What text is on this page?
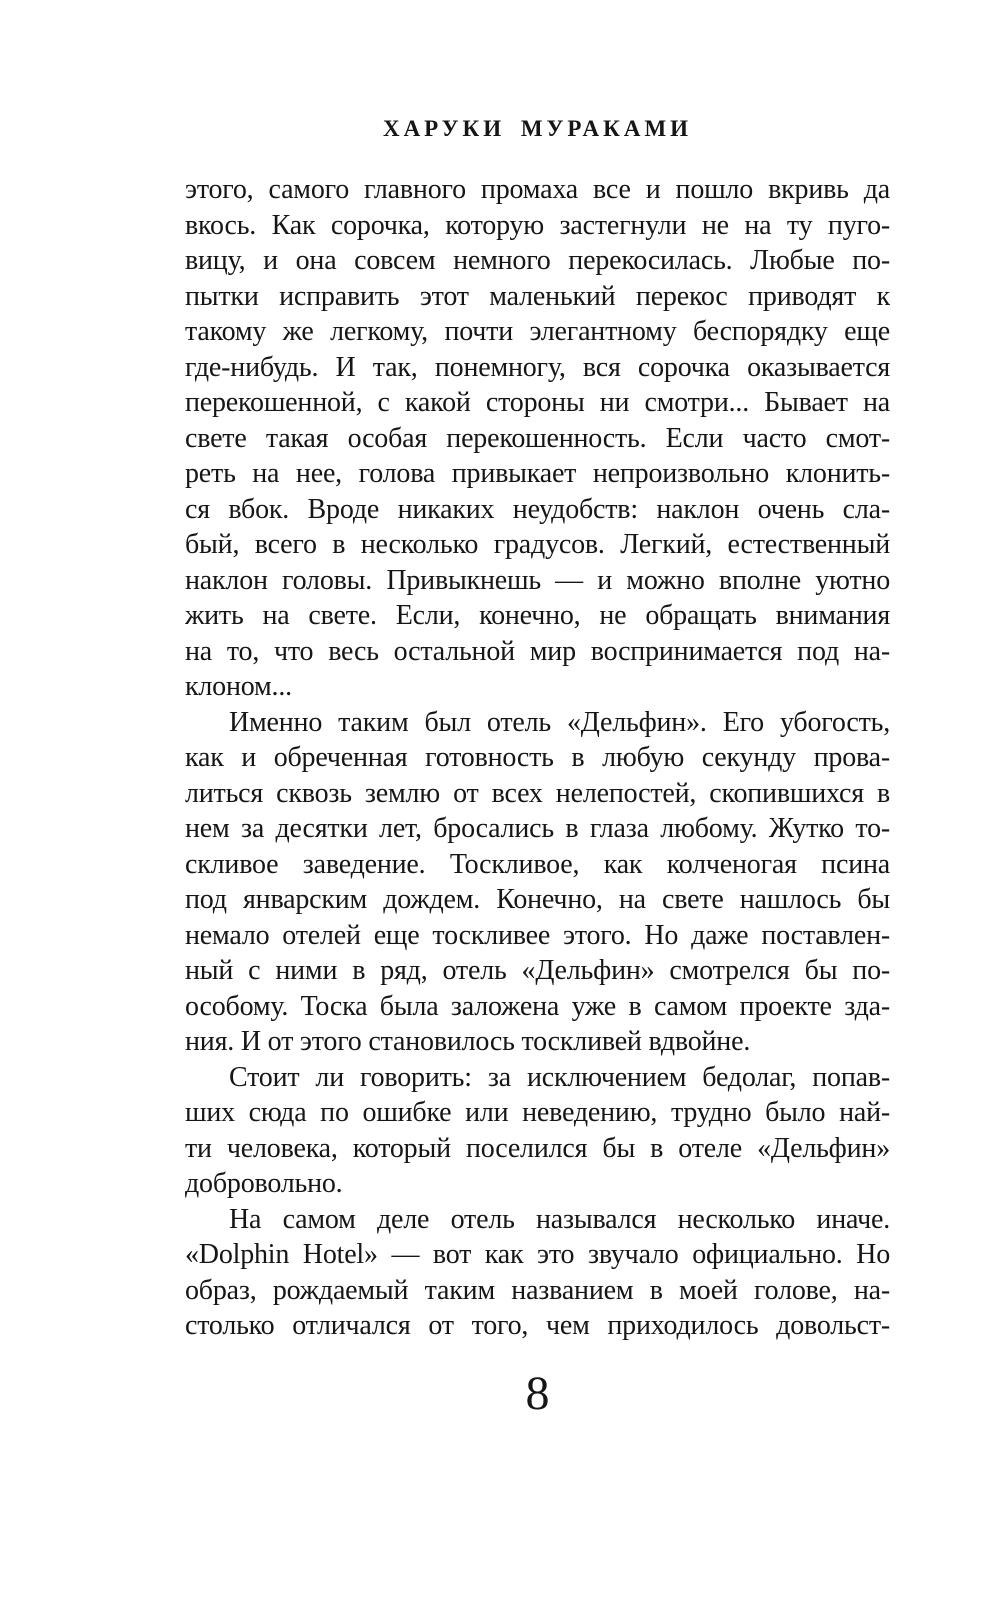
ХАРУКИ МУРАКАМИ
этого, самого главного промаха все и пошло вкривь да
вкось. Как сорочка, которую застегнули не на ту пуго-
вицу, и она совсем немного перекосилась. Любые по-
пытки исправить этот маленький перекос приводят к
такому же легкому, почти элегантному беспорядку еще
где-нибудь. И так, понемногу, вся сорочка оказывается
перекошенной, с какой стороны ни смотри... Бывает на
свете такая особая перекошенность. Если часто смот-
реть на нее, голова привыкает непроизвольно клонить-
ся вбок. Вроде никаких неудобств: наклон очень сла-
бый, всего в несколько градусов. Легкий, естественный
наклон головы. Привыкнешь — и можно вполне уютно
жить на свете. Если, конечно, не обращать внимания
на то, что весь остальной мир воспринимается под на-
клоном...
Именно таким был отель «Дельфин». Его убогость,
как и обреченная готовность в любую секунду прова-
литься сквозь землю от всех нелепостей, скопившихся в
нем за десятки лет, бросались в глаза любому. Жутко то-
скливое заведение. Тоскливое, как колченогая псина
под январским дождем. Конечно, на свете нашлось бы
немало отелей еще тоскливее этого. Но даже поставлен-
ный с ними в ряд, отель «Дельфин» смотрелся бы по-
особому. Тоска была заложена уже в самом проекте зда-
ния. И от этого становилось тоскливей вдвойне.
Стоит ли говорить: за исключением бедолаг, попав-
ших сюда по ошибке или неведению, трудно было най-
ти человека, который поселился бы в отеле «Дельфин»
добровольно.
На самом деле отель назывался несколько иначе.
«Dolphin Hotel» — вот как это звучало официально. Но
образ, рождаемый таким названием в моей голове, на-
столько отличался от того, чем приходилось довольст-
8
